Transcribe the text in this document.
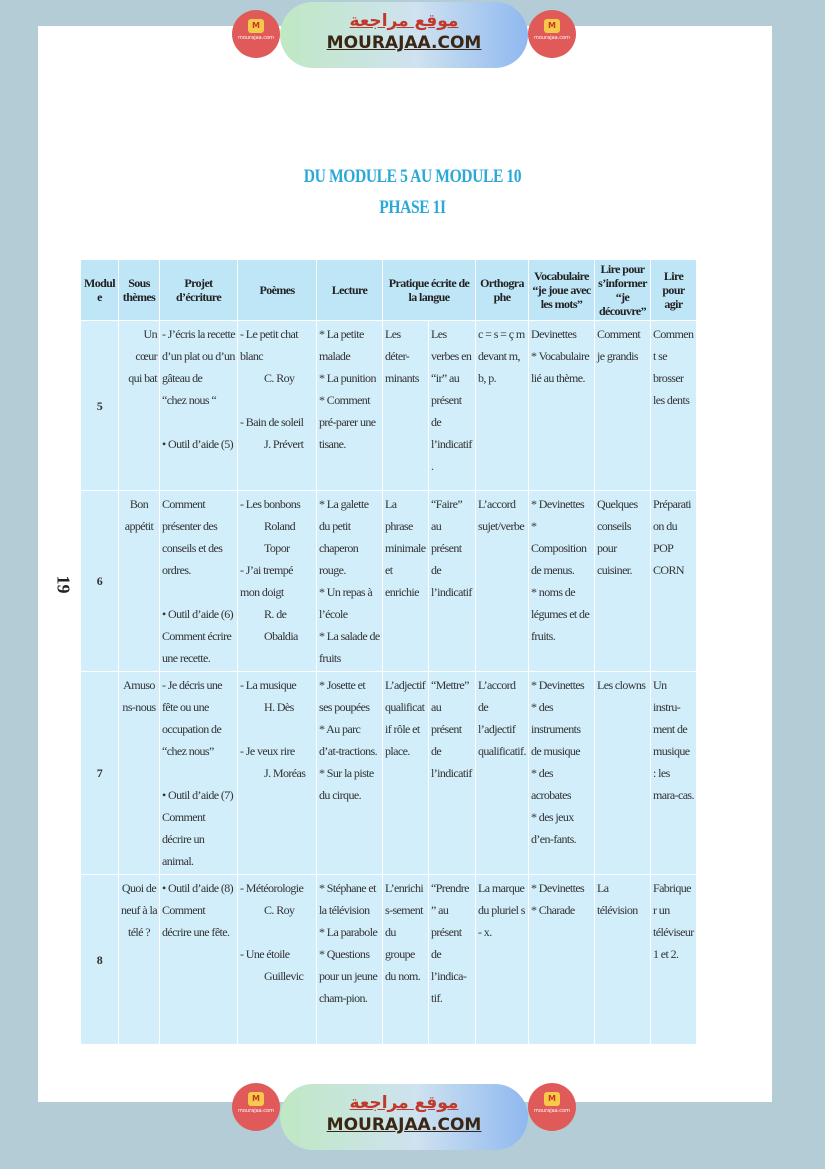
M
mourajaa.com
موقع مراجعة
MOURAJAA.COM
M
mourajaa.com
M
mourajaa.com	موقع مراجعة
MOURAJAA.COM
M
mourajaa.com
DU MODULE 5 AU MODULE 10
PHASE 1I
19
Module	Sous thèmes	Projet d’écriture	Poèmes	Lecture	Pratique écrite de la langue		Orthographe	Vocabulaire “je joue avec les mots”	Lire pour s’informer “je découvre”	Lire pour agir

5	Un cœur qui bat	- J’écris la recette d’un plat ou d’un gâteau de
“chez nous “
• Outil d’aide (5)	- Le petit chat blanc
C. Roy
- Bain de soleil
J. Prévert	* La petite malade
* La punition
* Comment pré-parer une tisane.	Les déter-minants	Les verbes en “ir” au présent de l’indicatif.	c = s = ç m devant m, b, p.	Devinettes
* Vocabulaire lié au thème.	Comment je grandis	Comment se brosser les dents

6	Bon appétit	Comment présenter des conseils et des ordres.
• Outil d’aide (6) Comment écrire une recette.	- Les bonbons
Roland Topor
- J’ai trempé mon doigt
R. de Obaldia	* La galette du petit chaperon rouge.
* Un repas à l’école
* La salade de fruits	La phrase minimale et enrichie	“Faire” au présent de l’indicatif	L’accord sujet/verbe	* Devinettes
* Composition de menus.
* noms de légumes et de fruits.	Quelques conseils pour cuisiner.	Préparation du POP CORN

7	Amusons-nous	- Je décris une fête ou une occupation de “chez nous”
• Outil d’aide (7) Comment décrire un animal.	- La musique
H. Dès
- Je veux rire
J. Moréas	* Josette et ses poupées
* Au parc d’at-tractions.
* Sur la piste du cirque.	L’adjectif qualificatif rôle et place.	“Mettre” au présent de l’indicatif	L’accord de l’adjectif qualificatif.	* Devinettes
* des instruments de musique
* des acrobates
* des jeux d’en-fants.	Les clowns	Un instru-ment de musique : les mara-cas.

8	Quoi de neuf à la télé ?	• Outil d’aide (8) Comment décrire une fête.	- Météorologie
C. Roy
- Une étoile
Guillevic	* Stéphane et la télévision
* La parabole
* Questions pour un jeune cham-pion.	L’enrichis-sement du groupe du nom.	“Prendre” au présent de l’indica-tif.	La marque du pluriel s - x.	* Devinettes
* Charade	La télévision	Fabriquer un téléviseur 1 et 2.
